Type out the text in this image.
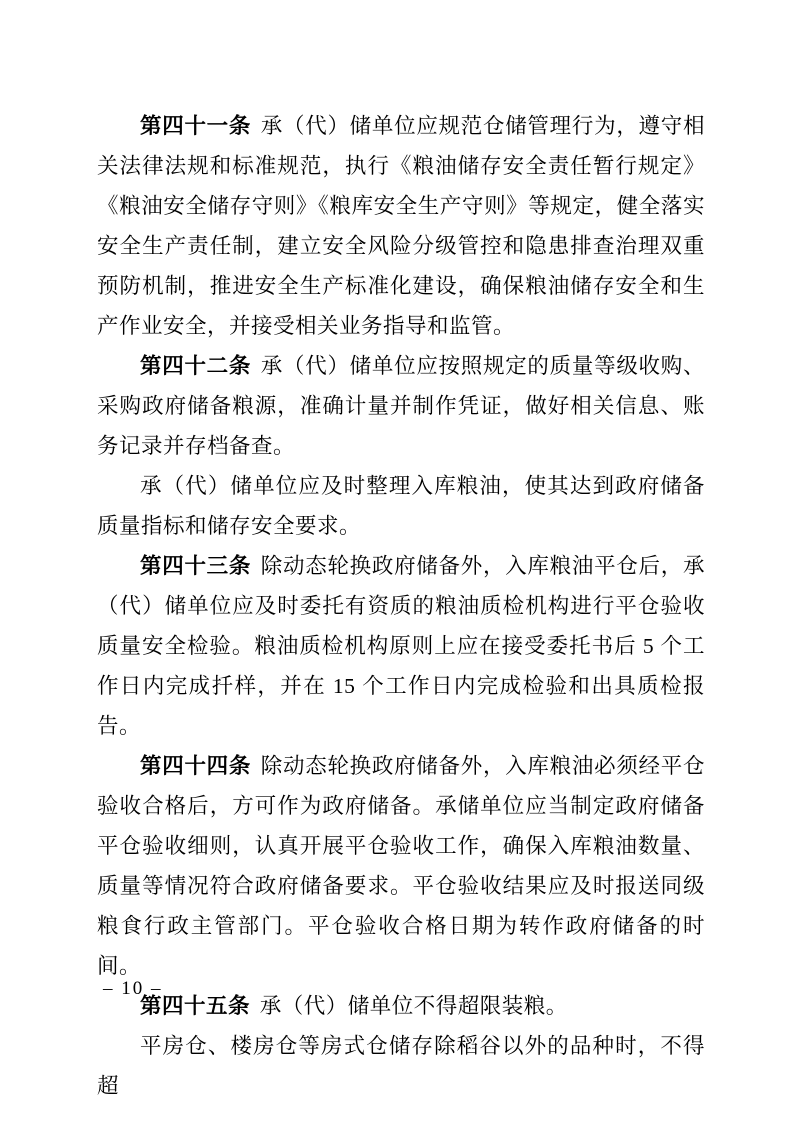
第四十一条 承（代）储单位应规范仓储管理行为，遵守相关法律法规和标准规范，执行《粮油储存安全责任暂行规定》《粮油安全储存守则》《粮库安全生产守则》等规定，健全落实安全生产责任制，建立安全风险分级管控和隐患排查治理双重预防机制，推进安全生产标准化建设，确保粮油储存安全和生产作业安全，并接受相关业务指导和监管。

第四十二条 承（代）储单位应按照规定的质量等级收购、采购政府储备粮源，准确计量并制作凭证，做好相关信息、账务记录并存档备查。

承（代）储单位应及时整理入库粮油，使其达到政府储备质量指标和储存安全要求。

第四十三条 除动态轮换政府储备外，入库粮油平仓后，承（代）储单位应及时委托有资质的粮油质检机构进行平仓验收质量安全检验。粮油质检机构原则上应在接受委托书后 5 个工作日内完成扦样，并在 15 个工作日内完成检验和出具质检报告。

第四十四条 除动态轮换政府储备外，入库粮油必须经平仓验收合格后，方可作为政府储备。承储单位应当制定政府储备平仓验收细则，认真开展平仓验收工作，确保入库粮油数量、质量等情况符合政府储备要求。平仓验收结果应及时报送同级粮食行政主管部门。平仓验收合格日期为转作政府储备的时间。

第四十五条 承（代）储单位不得超限装粮。

平房仓、楼房仓等房式仓储存除稻谷以外的品种时，不得超

– 10 –
